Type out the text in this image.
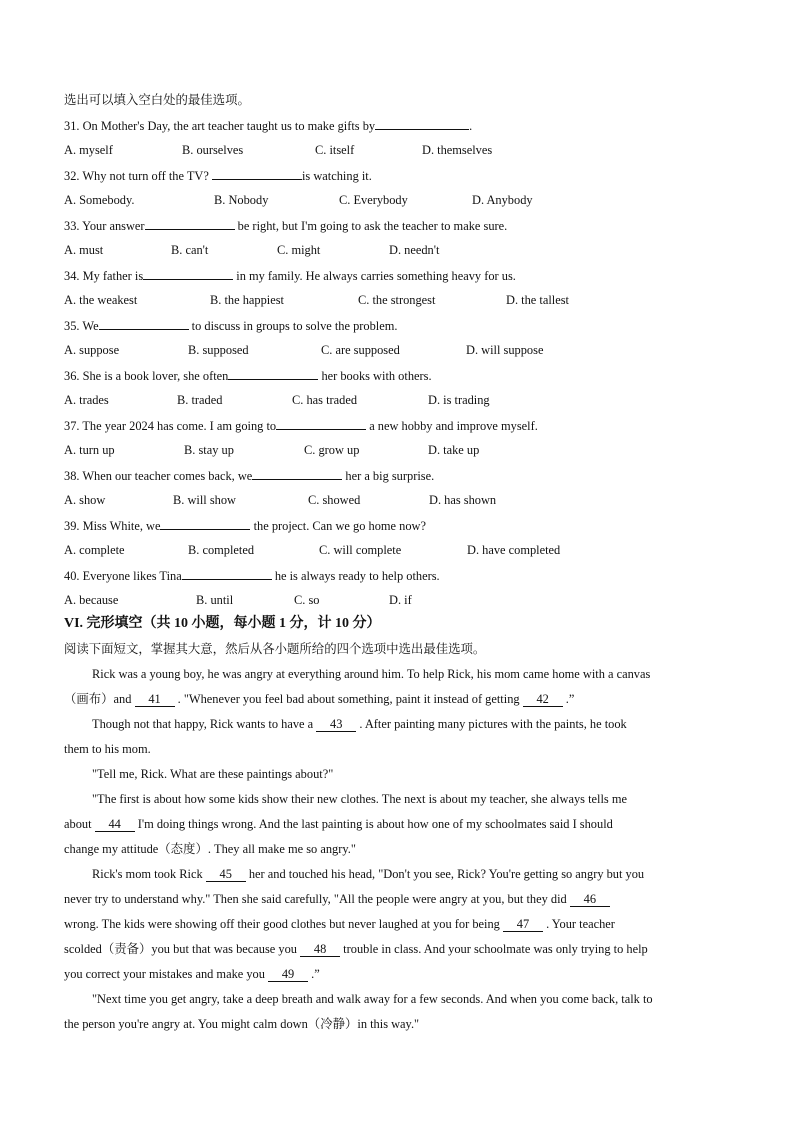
选出可以填入空白处的最佳选项。
31. On Mother's Day, the art teacher taught us to make gifts by	.
A. myself	B. ourselves	C. itself	D. themselves
32. Why not turn off the TV?	is watching it.
A. Somebody.	B. Nobody	C. Everybody	D. Anybody
33. Your answer	be right, but I'm going to ask the teacher to make sure.
A. must	B. can't	C. might	D. needn't
34. My father is	in my family. He always carries something heavy for us.
A. the weakest	B. the happiest	C. the strongest	D. the tallest
35. We	to discuss in groups to solve the problem.
A. suppose	B. supposed	C. are supposed	D. will suppose
36. She is a book lover, she often	her books with others.
A. trades	B. traded	C. has traded	D. is trading
37. The year 2024 has come. I am going to	a new hobby and improve myself.
A. turn up	B. stay up	C. grow up	D. take up
38. When our teacher comes back, we	her a big surprise.
A. show	B. will show	C. showed	D. has shown
39. Miss White, we	the project. Can we go home now?
A. complete	B. completed	C. will complete	D. have completed
40. Everyone likes Tina	he is always ready to help others.
A. because	B. until	C. so	D. if
VI. 完形填空（共 10 小题，每小题 1 分，计 10 分）
阅读下面短文，掌握其大意，然后从各小题所给的四个选项中选出最佳选项。
Rick was a young boy, he was angry at everything around him. To help Rick, his mom came home with a canvas
（画布）and 41 . "Whenever you feel bad about something, paint it instead of getting 42 .”
Though not that happy, Rick wants to have a 43 . After painting many pictures with the paints, he took
them to his mom.
"Tell me, Rick. What are these paintings about?"
"The first is about how some kids show their new clothes. The next is about my teacher, she always tells me
about 44 I'm doing things wrong. And the last painting is about how one of my schoolmates said I should
change my attitude（态度）. They all make me so angry."
Rick's mom took Rick 45 her and touched his head, "Don't you see, Rick? You're getting so angry but you
never try to understand why." Then she said carefully, "All the people were angry at you, but they did 46
wrong. The kids were showing off their good clothes but never laughed at you for being 47 . Your teacher
scolded（责备）you but that was because you 48 trouble in class. And your schoolmate was only trying to help
you correct your mistakes and make you 49 .”
"Next time you get angry, take a deep breath and walk away for a few seconds. And when you come back, talk to
the person you're angry at. You might calm down（冷静）in this way."
